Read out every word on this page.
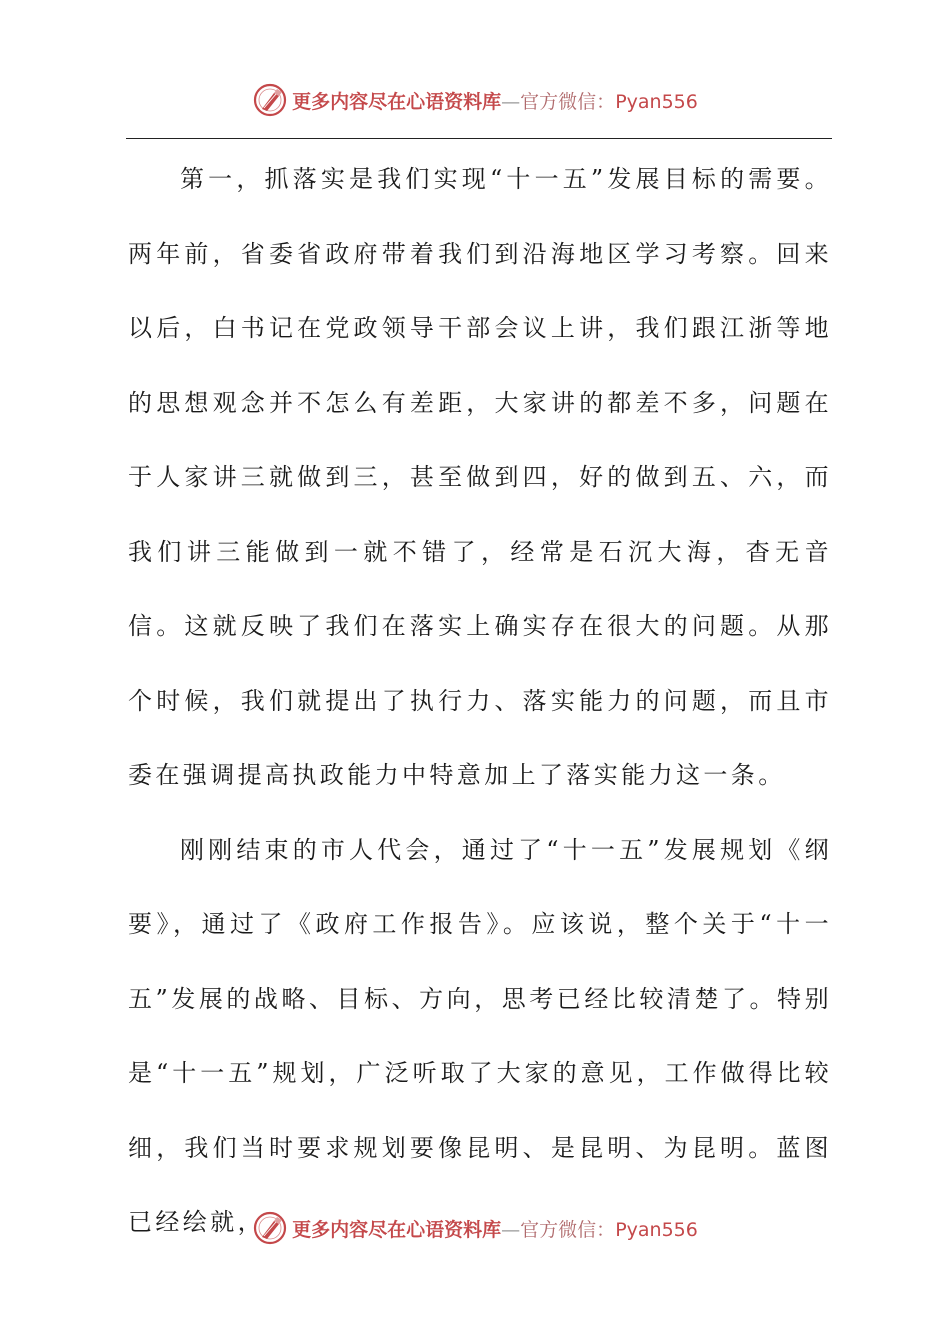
更多内容尽在心语资料库—官方微信：Pyan556

第一，抓落实是我们实现“十一五”发展目标的需要。两年前，省委省政府带着我们到沿海地区学习考察。回来以后，白书记在党政领导干部会议上讲，我们跟江浙等地的思想观念并不怎么有差距，大家讲的都差不多，问题在于人家讲三就做到三，甚至做到四，好的做到五、六，而我们讲三能做到一就不错了，经常是石沉大海，杳无音信。这就反映了我们在落实上确实存在很大的问题。从那个时候，我们就提出了执行力、落实能力的问题，而且市委在强调提高执政能力中特意加上了落实能力这一条。

刚刚结束的市人代会，通过了“十一五”发展规划《纲要》，通过了《政府工作报告》。应该说，整个关于“十一五”发展的战略、目标、方向，思考已经比较清楚了。特别是“十一五”规划，广泛听取了大家的意见，工作做得比较细，我们当时要求规划要像昆明、是昆明、为昆明。蓝图已经绘就，	更多内容尽在心语资料库—官方微信：Pyan556
